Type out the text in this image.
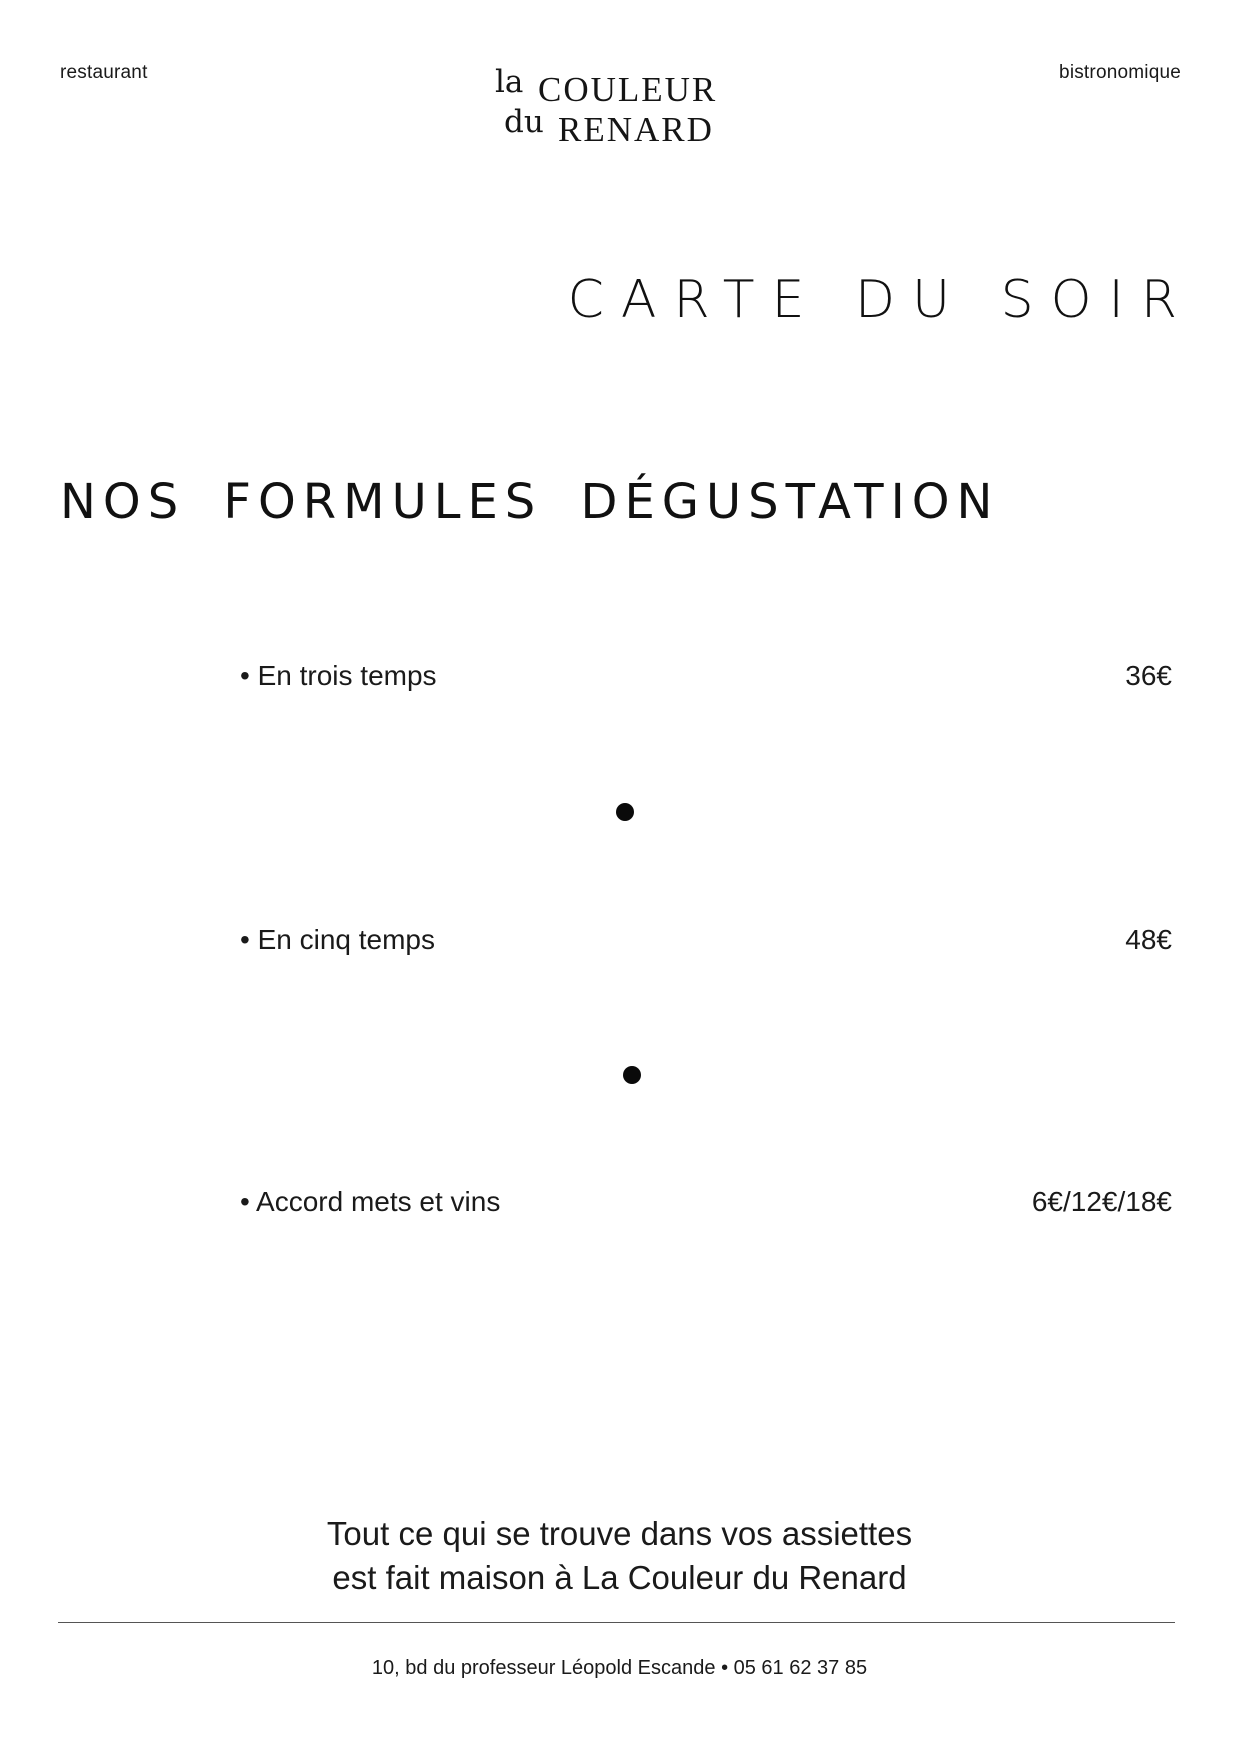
restaurant	bistronomique
la COULEUR
du RENARD
CARTE DU SOIR
NOS FORMULES DÉGUSTATION
• En trois temps	36€
• En cinq temps	48€
• Accord mets et vins	6€/12€/18€
Tout ce qui se trouve dans vos assiettes
est fait maison à La Couleur du Renard
10, bd du professeur Léopold Escande • 05 61 62 37 85
